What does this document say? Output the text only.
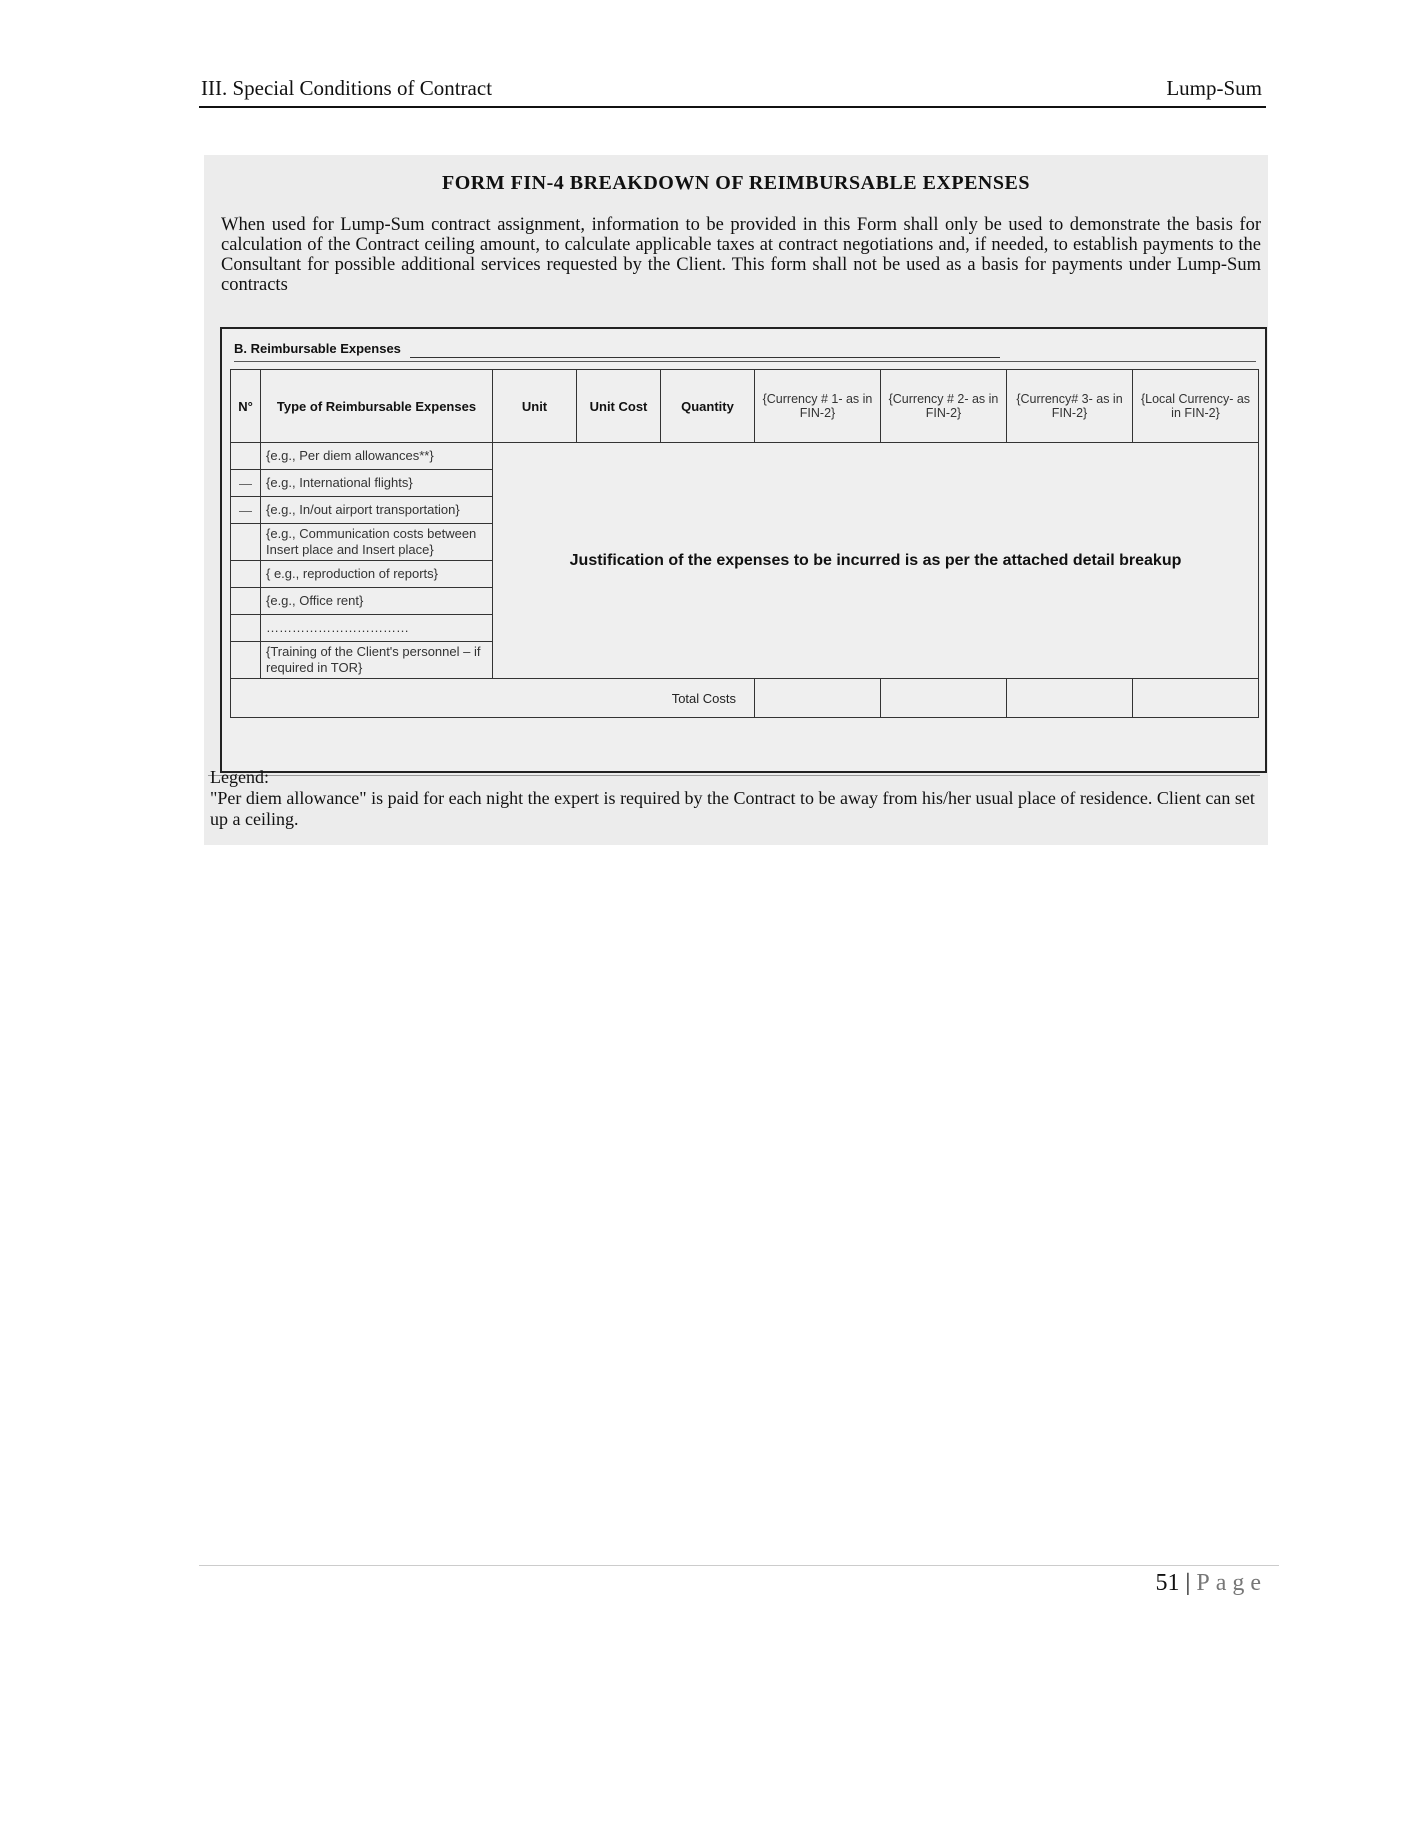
III. Special Conditions of Contract	Lump-Sum
FORM FIN-4 BREAKDOWN OF REIMBURSABLE EXPENSES
When used for Lump-Sum contract assignment, information to be provided in this Form shall only be used to demonstrate the basis for calculation of the Contract ceiling amount, to calculate applicable taxes at contract negotiations and, if needed, to establish payments to the Consultant for possible additional services requested by the Client. This form shall not be used as a basis for payments under Lump-Sum contracts
B. Reimbursable Expenses
N°	Type of Reimbursable Expenses	Unit	Unit Cost	Quantity	{Currency # 1- as in FIN-2}	{Currency # 2- as in FIN-2}	{Currency# 3- as in FIN-2}	{Local Currency- as in FIN-2}
	{e.g., Per diem allowances**}	Justification of the expenses to be incurred is as per the attached detail breakup						
—	{e.g., International flights}							
—	{e.g., In/out airport transportation}							
	{e.g., Communication costs between Insert place and Insert place}							
	{ e.g., reproduction of reports}							
	{e.g., Office rent}							
	……………………………							
	{Training of the Client's personnel – if required in TOR}							
Total Costs								
Legend:
"Per diem allowance" is paid for each night the expert is required by the Contract to be away from his/her usual place of residence. Client can set up a ceiling.
51 | Page
